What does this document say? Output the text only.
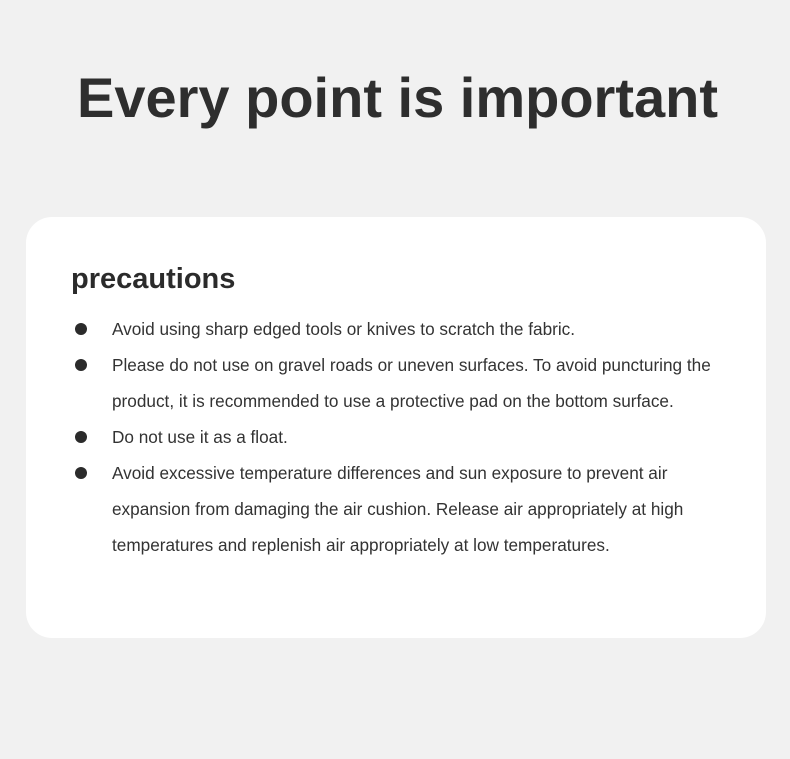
Every point is important
precautions
Avoid using sharp edged tools or knives to scratch the fabric.
Please do not use on gravel roads or uneven surfaces. To avoid puncturing the product, it is recommended to use a protective pad on the bottom surface.
Do not use it as a float.
Avoid excessive temperature differences and sun exposure to prevent air expansion from damaging the air cushion. Release air appropriately at high temperatures and replenish air appropriately at low temperatures.
